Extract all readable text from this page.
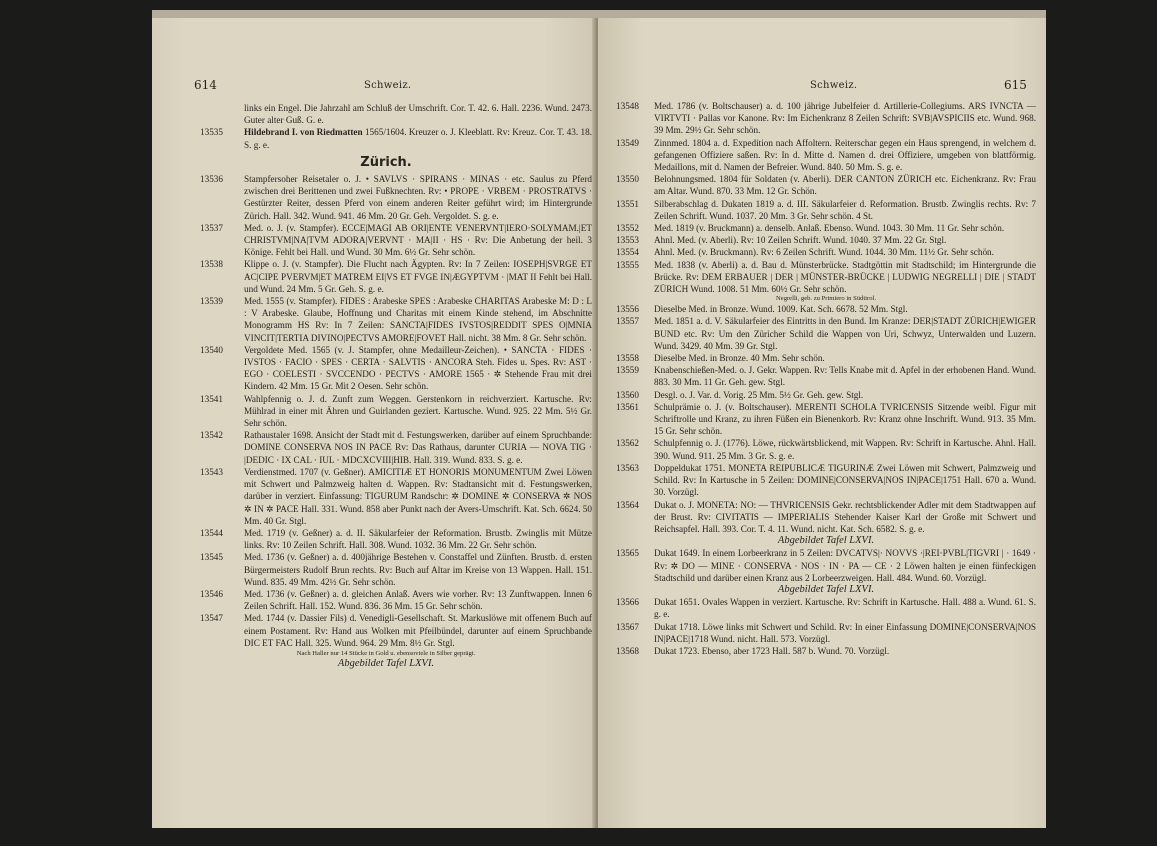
614	Schweiz.
links ein Engel. Die Jahrzahl am Schluß der Umschrift. Cor. T. 42. 6. Hall. 2236. Wund. 2473. Guter alter Guß. G. e.
13535 Hildebrand I. von Riedmatten 1565/1604. Kreuzer o. J. Kleeblatt. Rv: Kreuz. Cor. T. 43. 18. S. g. e.
Zürich.
13536 Stampfersoher Reisetaler o. J. • SAVLVS · SPIRANS · MINAS · etc. Saulus zu Pferd zwischen drei Berittenen und zwei Fußknechten. Rv: • PROPE · VRBEM · PROSTRATVS · Gestürzter Reiter, dessen Pferd von einem anderen Reiter geführt wird; im Hintergrunde Zürich. Hall. 342. Wund. 941. 46 Mm. 20 Gr. Geh. Vergoldet. S. g. e.
13537 Med. o. J. (v. Stampfer). ECCE|MAGI AB ORI|ENTE VENERVNT|IERO·SOLYMAM.|ET CHRISTVM|NA|TVM ADORA|VERVNT · MA|II · HS · Rv: Die Anbetung der heil. 3 Könige. Fehlt bei Hall. und Wund. 30 Mm. 6½ Gr. Sehr schön.
13538 Klippe o. J. (v. Stampfer). Die Flucht nach Ägypten. Rv: In 7 Zeilen: IOSEPH|SVRGE ET AC|CIPE PVERVM|ET MATREM EI|VS ET FVGE IN|ÆGYPTVM · |MAT II Fehlt bei Hall. und Wund. 24 Mm. 5 Gr. Geh. S. g. e.
13539 Med. 1555 (v. Stampfer). FIDES : Arabeske SPES : Arabeske CHARITAS Arabeske M: D : L : V Arabeske. Glaube, Hoffnung und Charitas mit einem Kinde stehend, im Abschnitte Monogramm HS Rv: In 7 Zeilen: SANCTA|FIDES IVSTOS|REDDIT SPES O|MNIA VINCIT|TERTIA DIVINO|PECTVS AMORE|FOVET Hall. nicht. 38 Mm. 8 Gr. Sehr schön.
13540 Vergoldete Med. 1565 (v. J. Stampfer, ohne Medailleur-Zeichen). • SANCTA · FIDES · IVSTOS · FACIO · SPES · CERTA · SALVTIS · ANCORA Steh. Fides u. Spes. Rv: AST · EGO · COELESTI · SVCCENDO · PECTVS · AMORE 1565 · ✲ Stehende Frau mit drei Kindern. 42 Mm. 15 Gr. Mit 2 Oesen. Sehr schön.
13541 Wahlpfennig o. J. d. Zunft zum Weggen. Gerstenkorn in reichverziert. Kartusche. Rv: Mühlrad in einer mit Ähren und Guirlanden geziert. Kartusche. Wund. 925. 22 Mm. 5½ Gr. Sehr schön.
13542 Rathaustaler 1698. Ansicht der Stadt mit d. Festungswerken, darüber auf einem Spruchbande: DOMINE CONSERVA NOS IN PACE Rv: Das Rathaus, darunter CURIA — NOVA TIG · |DEDIC · IX CAL · IUL · MDCXCVIII|HIB. Hall. 319. Wund. 833. S. g. e.
13543 Verdienstmed. 1707 (v. Geßner). AMICITIÆ ET HONORIS MONUMENTUM Zwei Löwen mit Schwert und Palmzweig halten d. Wappen. Rv: Stadtansicht mit d. Festungswerken, darüber in verziert. Einfassung: TIGURUM Randschr: ✲ DOMINE ✲ CONSERVA ✲ NOS ✲ IN ✲ PACE Hall. 331. Wund. 858 aber Punkt nach der Avers-Umschrift. Kat. Sch. 6624. 50 Mm. 40 Gr. Stgl.
13544 Med. 1719 (v. Geßner) a. d. II. Säkularfeier der Reformation. Brustb. Zwinglis mit Mütze links. Rv: 10 Zeilen Schrift. Hall. 308. Wund. 1032. 36 Mm. 22 Gr. Sehr schön.
13545 Med. 1736 (v. Geßner) a. d. 400jährige Bestehen v. Constaffel und Zünften. Brustb. d. ersten Bürgermeisters Rudolf Brun rechts. Rv: Buch auf Altar im Kreise von 13 Wappen. Hall. 151. Wund. 835. 49 Mm. 42½ Gr. Sehr schön.
13546 Med. 1736 (v. Geßner) a. d. gleichen Anlaß. Avers wie vorher. Rv: 13 Zunftwappen. Innen 6 Zeilen Schrift. Hall. 152. Wund. 836. 36 Mm. 15 Gr. Sehr schön.
13547 Med. 1744 (v. Dassier Fils) d. Venedigli-Gesellschaft. St. Markuslöwe mit offenem Buch auf einem Postament. Rv: Hand aus Wolken mit Pfeilbündel, darunter auf einem Spruchbande DIC ET FAC Hall. 325. Wund. 964. 29 Mm. 8½ Gr. Stgl.
Nach Haller nur 14 Stücke in Gold u. ebensoviele in Silber geprägt.
Abgebildet Tafel LXVI.
Schweiz.	615
13548 Med. 1786 (v. Boltschauser) a. d. 100 jährige Jubelfeier d. Artillerie-Collegiums. ARS IVNCTA — VIRTVTI · Pallas vor Kanone. Rv: Im Eichenkranz 8 Zeilen Schrift: SVB|AVSPICIIS etc. Wund. 968. 39 Mm. 29½ Gr. Sehr schön.
13549 Zinnmed. 1804 a. d. Expedition nach Affoltern. Reiterschar gegen ein Haus sprengend, in welchem d. gefangenen Offiziere saßen. Rv: In d. Mitte d. Namen d. drei Offiziere, umgeben von blattförmig. Medaillons, mit d. Namen der Befreier. Wund. 840. 50 Mm. S. g. e.
13550 Belohnungsmed. 1804 für Soldaten (v. Aberli). DER CANTON ZÜRICH etc. Eichenkranz. Rv: Frau am Altar. Wund. 870. 33 Mm. 12 Gr. Schön.
13551 Silberabschlag d. Dukaten 1819 a. d. III. Säkularfeier d. Reformation. Brustb. Zwinglis rechts. Rv: 7 Zeilen Schrift. Wund. 1037. 20 Mm. 3 Gr. Sehr schön. 4 St.
13552 Med. 1819 (v. Bruckmann) a. denselb. Anlaß. Ebenso. Wund. 1043. 30 Mm. 11 Gr. Sehr schön.
13553 Ahnl. Med. (v. Aberli). Rv: 10 Zeilen Schrift. Wund. 1040. 37 Mm. 22 Gr. Stgl.
13554 Ahnl. Med. (v. Bruckmann). Rv: 6 Zeilen Schrift. Wund. 1044. 30 Mm. 11½ Gr. Sehr schön.
13555 Med. 1838 (v. Aberli) a. d. Bau d. Münsterbrücke. Stadtgöttin mit Stadtschild; im Hintergrunde die Brücke. Rv: DEM ERBAUER | DER | MÜNSTER-BRÜCKE | LUDWIG NEGRELLI | DIE | STADT ZÜRICH Wund. 1008. 51 Mm. 60½ Gr. Sehr schön.
Negrelli, geb. zu Primiero in Südtirol.
13556 Dieselbe Med. in Bronze. Wund. 1009. Kat. Sch. 6678. 52 Mm. Stgl.
13557 Med. 1851 a. d. V. Säkularfeier des Eintritts in den Bund. Im Kranze: DER|STADT ZÜRICH|EWIGER BUND etc. Rv: Um den Züricher Schild die Wappen von Uri, Schwyz, Unterwalden und Luzern. Wund. 3429. 40 Mm. 39 Gr. Stgl.
13558 Dieselbe Med. in Bronze. 40 Mm. Sehr schön.
13559 Knabenschießen-Med. o. J. Gekr. Wappen. Rv: Tells Knabe mit d. Apfel in der erhobenen Hand. Wund. 883. 30 Mm. 11 Gr. Geh. gew. Stgl.
13560 Desgl. o. J. Var. d. Vorig. 25 Mm. 5½ Gr. Geh. gew. Stgl.
13561 Schulprämie o. J. (v. Boltschauser). MERENTI SCHOLA TVRICENSIS Sitzende weibl. Figur mit Schriftrolle und Kranz, zu ihren Füßen ein Bienenkorb. Rv: Kranz ohne Inschrift. Wund. 913. 35 Mm. 15 Gr. Sehr schön.
13562 Schulpfennig o. J. (1776). Löwe, rückwärtsblickend, mit Wappen. Rv: Schrift in Kartusche. Ahnl. Hall. 390. Wund. 911. 25 Mm. 3 Gr. S. g. e.
13563 Doppeldukat 1751. MONETA REIPUBLICÆ TIGURINÆ Zwei Löwen mit Schwert, Palmzweig und Schild. Rv: In Kartusche in 5 Zeilen: DOMINE|CONSERVA|NOS IN|PACE|1751 Hall. 670 a. Wund. 30. Vorzügl.
13564 Dukat o. J. MONETA: NO: — THVRICENSIS Gekr. rechtsblickender Adler mit dem Stadtwappen auf der Brust. Rv: CIVITATIS — IMPERIALIS Stehender Kaiser Karl der Große mit Schwert und Reichsapfel. Hall. 393. Cor. T. 4. 11. Wund. nicht. Kat. Sch. 6582. S. g. e.
Abgebildet Tafel LXVI.
13565 Dukat 1649. In einem Lorbeerkranz in 5 Zeilen: DVCATVS|· NOVVS ·|REI·PVBL|TIGVRI | · 1649 · Rv: ✲ DO — MINE · CONSERVA · NOS · IN · PA — CE · 2 Löwen halten je einen fünfeckigen Stadtschild und darüber einen Kranz aus 2 Lorbeerzweigen. Hall. 484. Wund. 60. Vorzügl.
Abgebildet Tafel LXVI.
13566 Dukat 1651. Ovales Wappen in verziert. Kartusche. Rv: Schrift in Kartusche. Hall. 488 a. Wund. 61. S. g. e.
13567 Dukat 1718. Löwe links mit Schwert und Schild. Rv: In einer Einfassung DOMINE|CONSERVA|NOS IN|PACE|1718 Wund. nicht. Hall. 573. Vorzügl.
13568 Dukat 1723. Ebenso, aber 1723 Hall. 587 b. Wund. 70. Vorzügl.
